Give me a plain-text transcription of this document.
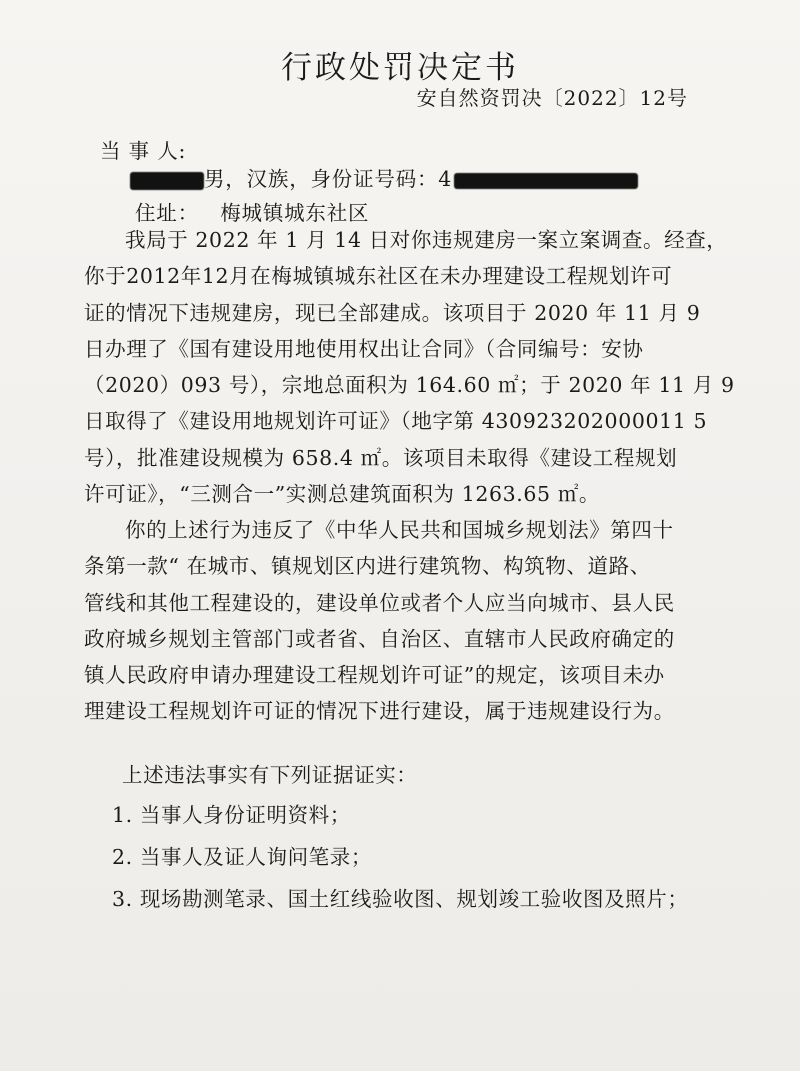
行政处罚决定书
安自然资罚决〔2022〕12号
当 事 人:
男，汉族，身份证号码：4
住址： 梅城镇城东社区
我局于 2022 年 1 月 14 日对你违规建房一案立案调查。经查，
你于2012年12月在梅城镇城东社区在未办理建设工程规划许可
证的情况下违规建房，现已全部建成。该项目于 2020 年 11 月 9
日办理了《国有建设用地使用权出让合同》（合同编号：安协
（2020）093 号），宗地总面积为 164.60 ㎡；于 2020 年 11 月 9
日取得了《建设用地规划许可证》（地字第 430923202000011 5
号），批准建设规模为 658.4 ㎡。该项目未取得《建设工程规划
许可证》，“三测合一”实测总建筑面积为 1263.65 ㎡。
你的上述行为违反了《中华人民共和国城乡规划法》第四十
条第一款“ 在城市、镇规划区内进行建筑物、构筑物、道路、
管线和其他工程建设的，建设单位或者个人应当向城市、县人民
政府城乡规划主管部门或者省、自治区、直辖市人民政府确定的
镇人民政府申请办理建设工程规划许可证”的规定，该项目未办
理建设工程规划许可证的情况下进行建设，属于违规建设行为。
上述违法事实有下列证据证实：
1. 当事人身份证明资料；
2. 当事人及证人询问笔录；
3. 现场勘测笔录、国土红线验收图、规划竣工验收图及照片；
